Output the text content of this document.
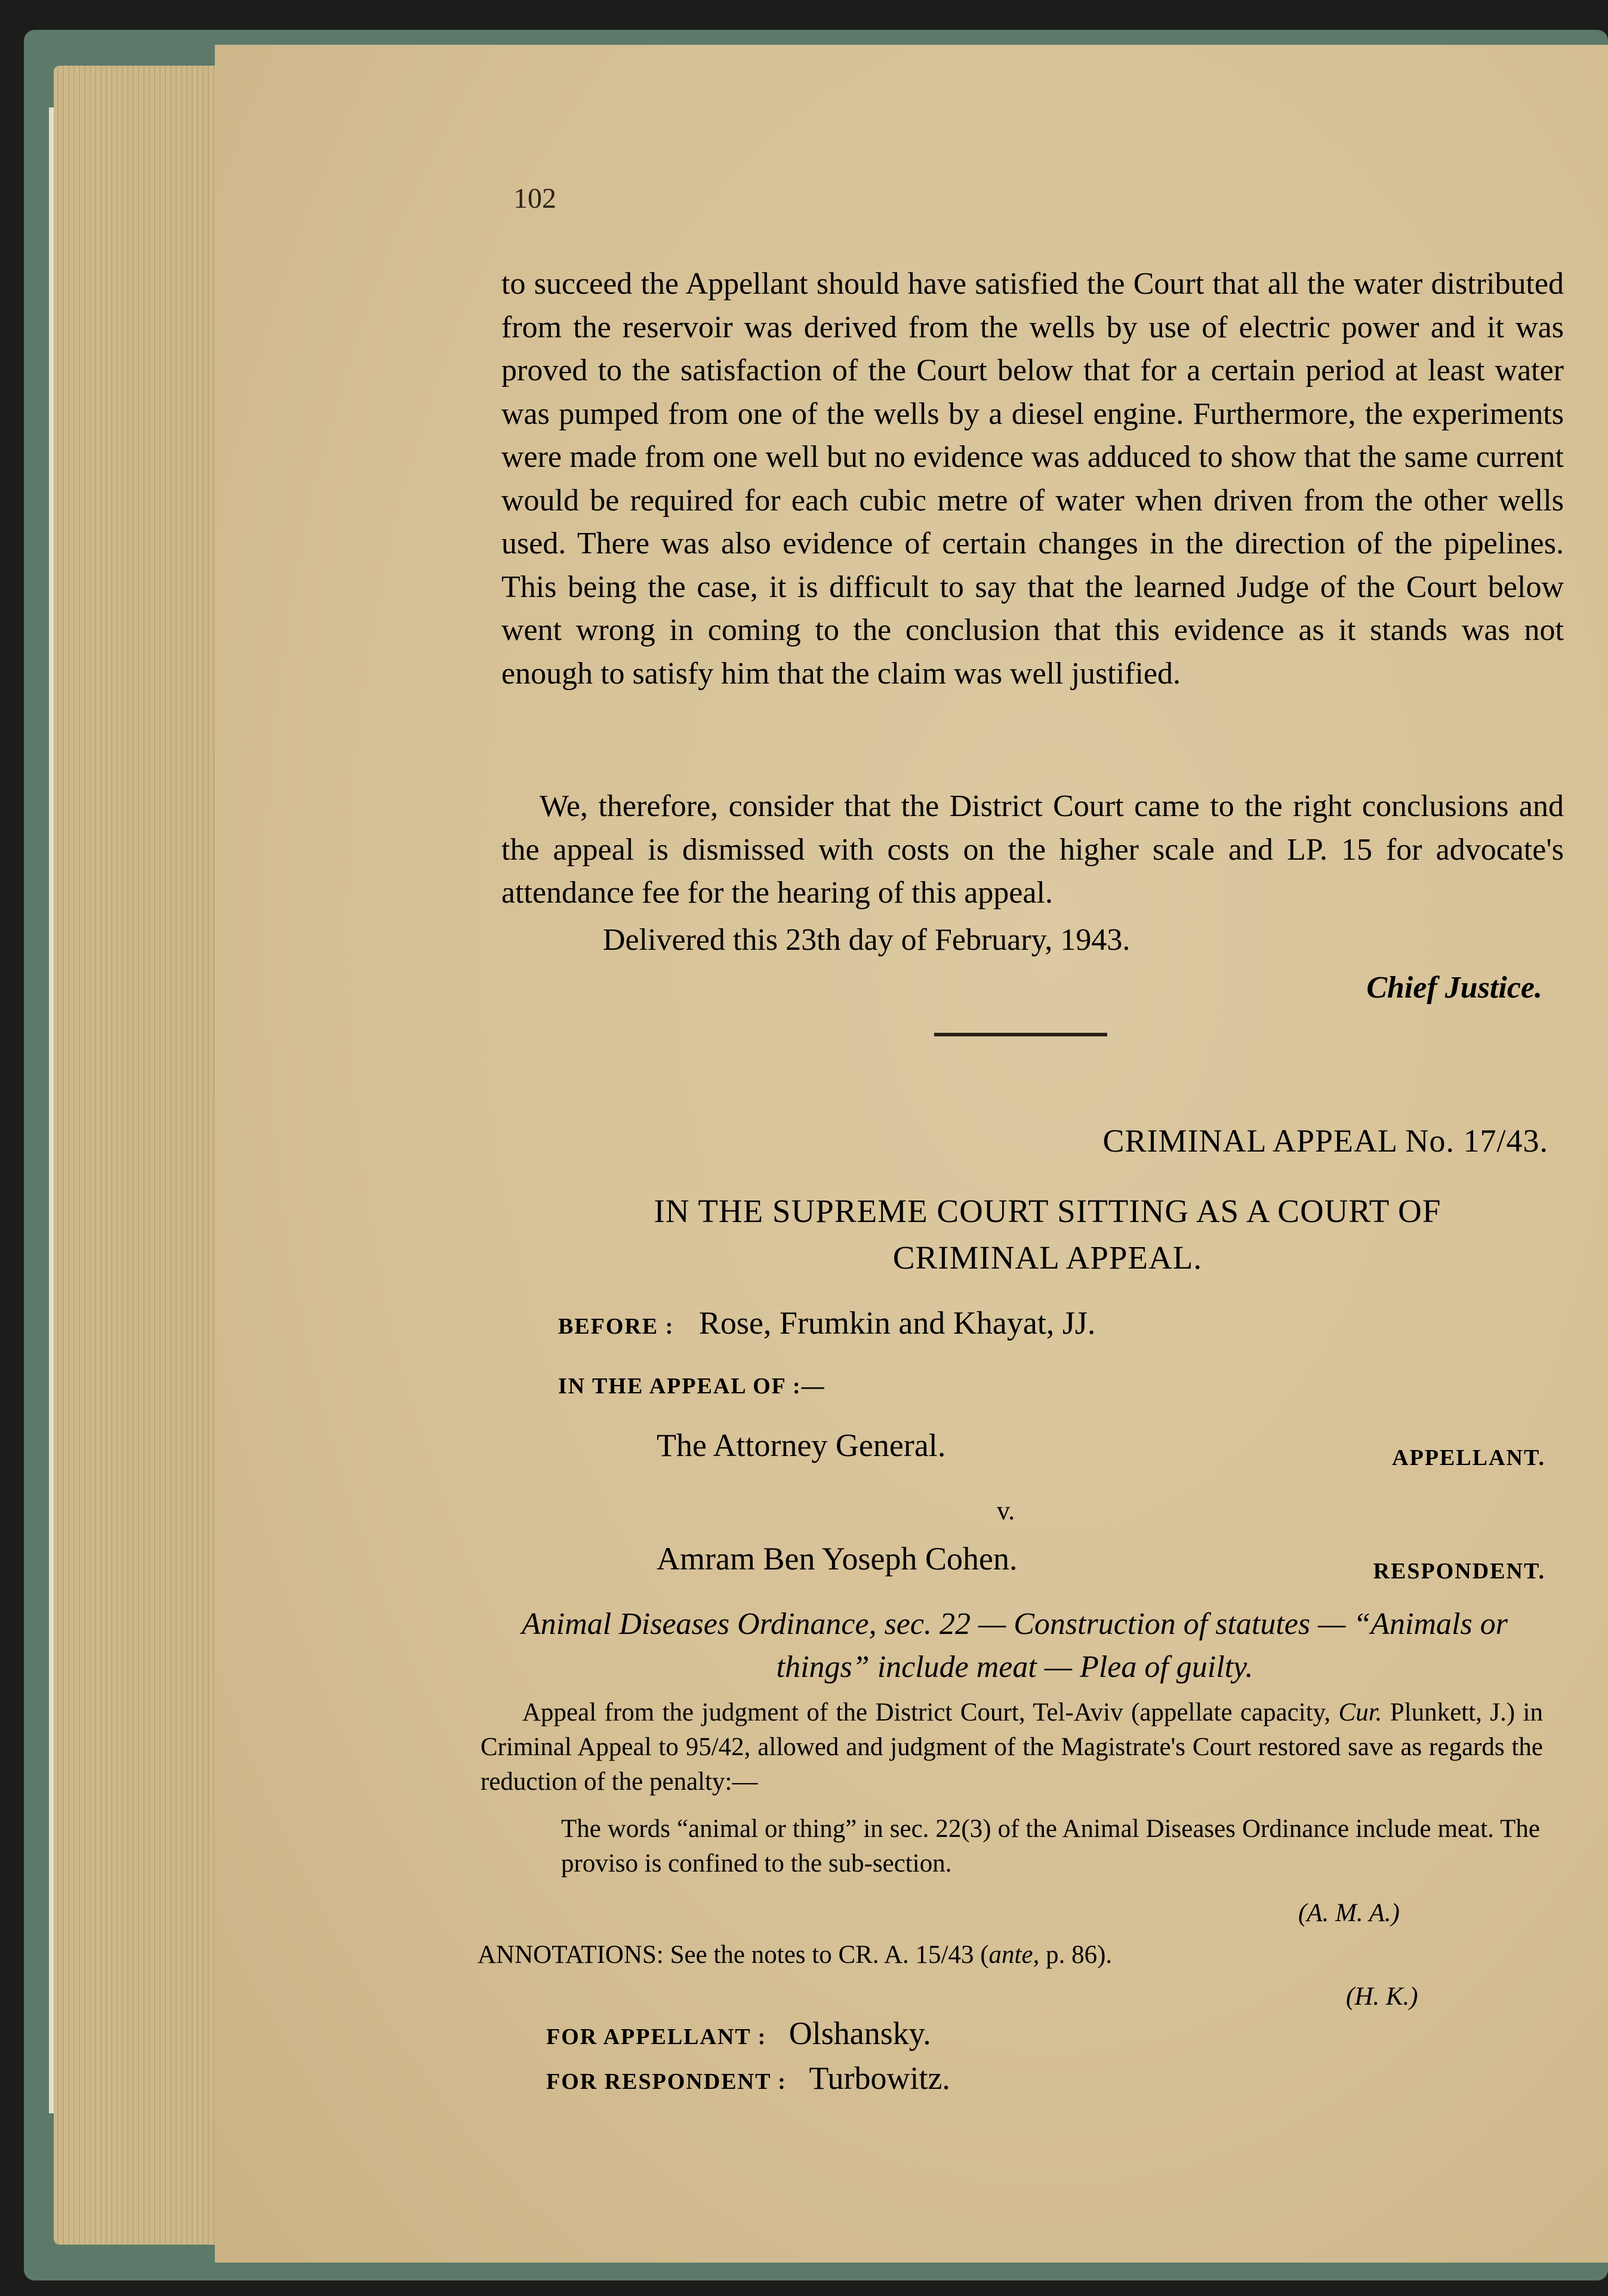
102

to succeed the Appellant should have satisfied the Court that all the water distributed from the reservoir was derived from the wells by use of electric power and it was proved to the satisfaction of the Court below that for a certain period at least water was pumped from one of the wells by a diesel engine. Furthermore, the experiments were made from one well but no evidence was adduced to show that the same current would be required for each cubic metre of water when driven from the other wells used. There was also evidence of certain changes in the direction of the pipelines. This being the case, it is difficult to say that the learned Judge of the Court below went wrong in coming to the conclusion that this evidence as it stands was not enough to satisfy him that the claim was well justified.

We, therefore, consider that the District Court came to the right conclusions and the appeal is dismissed with costs on the higher scale and LP. 15 for advocate's attendance fee for the hearing of this appeal.

Delivered this 23th day of February, 1943.
Chief Justice.
CRIMINAL APPEAL No. 17/43.
IN THE SUPREME COURT SITTING AS A COURT OF
CRIMINAL APPEAL.
BEFORE : Rose, Frumkin and Khayat, JJ.
IN THE APPEAL OF :—
The Attorney General.	APPELLANT.
v.
Amram Ben Yoseph Cohen.	RESPONDENT.
Animal Diseases Ordinance, sec. 22 — Construction of statutes — “Animals or things” include meat — Plea of guilty.
Appeal from the judgment of the District Court, Tel-Aviv (appellate capacity, Cur. Plunkett, J.) in Criminal Appeal to 95/42, allowed and judgment of the Magistrate's Court restored save as regards the reduction of the penalty:—
The words “animal or thing” in sec. 22(3) of the Animal Diseases Ordinance include meat. The proviso is confined to the sub-section.
(A. M. A.)
ANNOTATIONS: See the notes to CR. A. 15/43 (ante, p. 86).
(H. K.)
FOR APPELLANT : Olshansky.
FOR RESPONDENT : Turbowitz.
